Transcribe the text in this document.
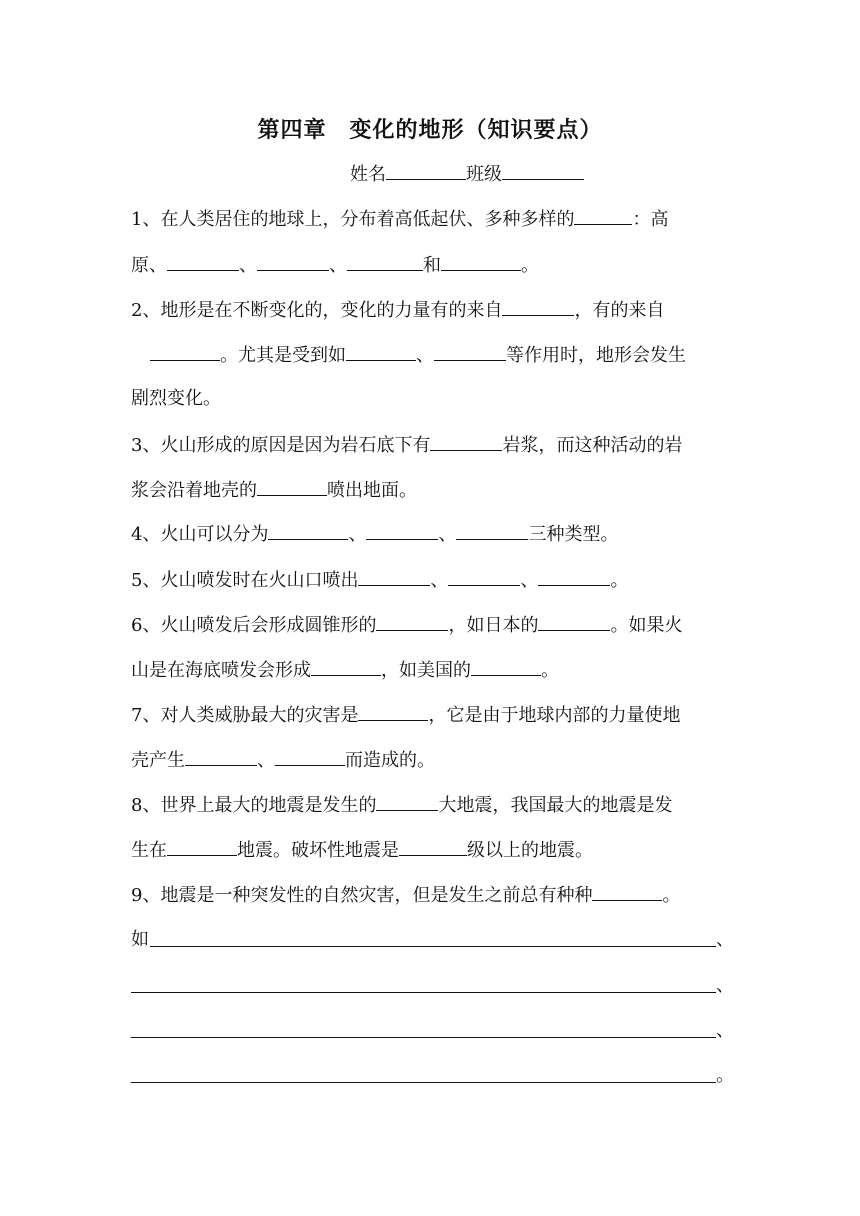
第四章　变化的地形（知识要点）
姓名	班级
1、在人类居住的地球上，分布着高低起伏、多种多样的	：高
原、	、	、	和	。
2、地形是在不断变化的，变化的力量有的来自	，有的来自
。尤其是受到如	、	等作用时，地形会发生
剧烈变化。
3、火山形成的原因是因为岩石底下有	岩浆，而这种活动的岩
浆会沿着地壳的	喷出地面。
4、火山可以分为	、	、	三种类型。
5、火山喷发时在火山口喷出	、	、	。
6、火山喷发后会形成圆锥形的	，如日本的	。如果火
山是在海底喷发会形成	，如美国的	。
7、对人类威胁最大的灾害是	，它是由于地球内部的力量使地
壳产生	、	而造成的。
8、世界上最大的地震是发生的	大地震，我国最大的地震是发
生在	地震。破坏性地震是	级以上的地震。
9、地震是一种突发性的自然灾害，但是发生之前总有种种	。
如	、
、
、
。
